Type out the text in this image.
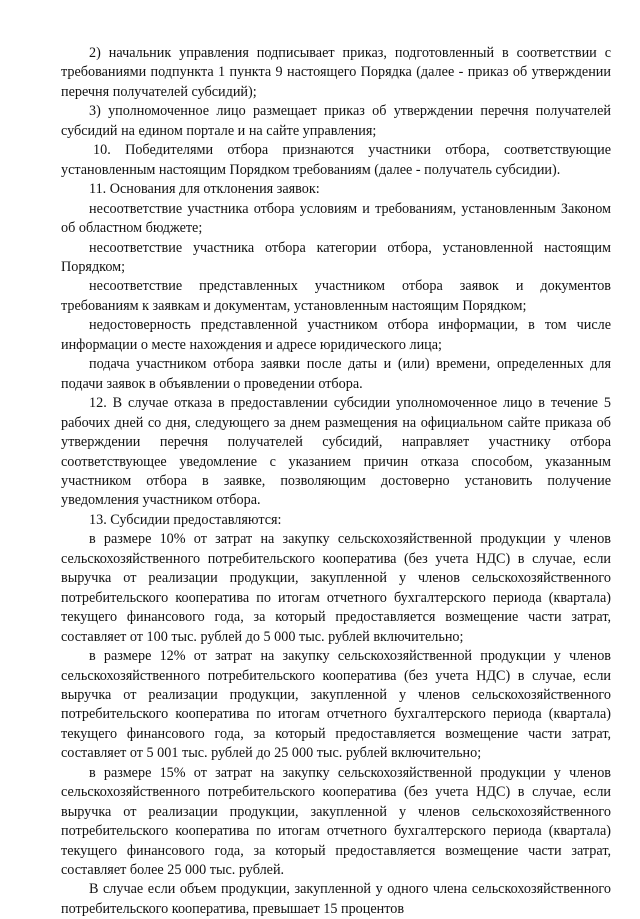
2) начальник управления подписывает приказ, подготовленный в соответствии с требованиями подпункта 1 пункта 9 настоящего Порядка (далее - приказ об утверждении перечня получателей субсидий);

3) уполномоченное лицо размещает приказ об утверждении перечня получателей субсидий на едином портале и на сайте управления;

10. Победителями отбора признаются участники отбора, соответствующие установленным настоящим Порядком требованиям (далее - получатель субсидии).

11. Основания для отклонения заявок:

несоответствие участника отбора условиям и требованиям, установленным Законом об областном бюджете;

несоответствие участника отбора категории отбора, установленной настоящим Порядком;

несоответствие представленных участником отбора заявок и документов требованиям к заявкам и документам, установленным настоящим Порядком;

недостоверность представленной участником отбора информации, в том числе информации о месте нахождения и адресе юридического лица;

подача участником отбора заявки после даты и (или) времени, определенных для подачи заявок в объявлении о проведении отбора.

12. В случае отказа в предоставлении субсидии уполномоченное лицо в течение 5 рабочих дней со дня, следующего за днем размещения на официальном сайте приказа об утверждении перечня получателей субсидий, направляет участнику отбора соответствующее уведомление с указанием причин отказа способом, указанным участником отбора в заявке, позволяющим достоверно установить получение уведомления участником отбора.

13. Субсидии предоставляются:

в размере 10% от затрат на закупку сельскохозяйственной продукции у членов сельскохозяйственного потребительского кооператива (без учета НДС) в случае, если выручка от реализации продукции, закупленной у членов сельскохозяйственного потребительского кооператива по итогам отчетного бухгалтерского периода (квартала) текущего финансового года, за который предоставляется возмещение части затрат, составляет от 100 тыс. рублей до 5 000 тыс. рублей включительно;

в размере 12% от затрат на закупку сельскохозяйственной продукции у членов сельскохозяйственного потребительского кооператива (без учета НДС) в случае, если выручка от реализации продукции, закупленной у членов сельскохозяйственного потребительского кооператива по итогам отчетного бухгалтерского периода (квартала) текущего финансового года, за который предоставляется возмещение части затрат, составляет от 5 001 тыс. рублей до 25 000 тыс. рублей включительно;

в размере 15% от затрат на закупку сельскохозяйственной продукции у членов сельскохозяйственного потребительского кооператива (без учета НДС) в случае, если выручка от реализации продукции, закупленной у членов сельскохозяйственного потребительского кооператива по итогам отчетного бухгалтерского периода (квартала) текущего финансового года, за который предоставляется возмещение части затрат, составляет более 25 000 тыс. рублей.

В случае если объем продукции, закупленной у одного члена сельскохозяйственного потребительского кооператива, превышает 15 процентов
